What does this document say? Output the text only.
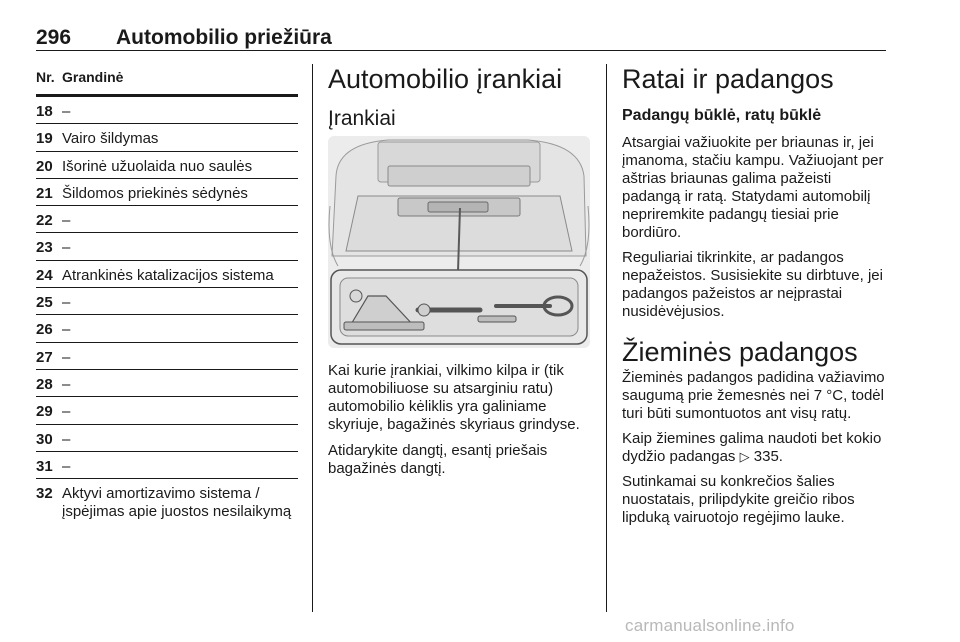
296 Automobilio priežiūra
Nr. Grandinė
18 –
19 Vairo šildymas
20 Išorinė užuolaida nuo saulės
21 Šildomos priekinės sėdynės
22 –
23 –
24 Atrankinės katalizacijos sistema
25 –
26 –
27 –
28 –
29 –
30 –
31 –
32 Aktyvi amortizavimo sistema / įspėjimas apie juostos nesilaikymą
Automobilio įrankiai
Įrankiai

Kai kurie įrankiai, vilkimo kilpa ir (tik automobiliuose su atsarginiu ratu) automobilio kėliklis yra galiniame skyriuje, bagažinės skyriaus grindyse.

Atidarykite dangtį, esantį priešais bagažinės dangtį.

Ratai ir padangos
Padangų būklė, ratų būklė

Atsargiai važiuokite per briaunas ir, jei įmanoma, stačiu kampu. Važiuojant per aštrias briaunas galima pažeisti padangą ir ratą. Statydami automobilį nepriremkite padangų tiesiai prie bordiūro.

Reguliariai tikrinkite, ar padangos nepažeistos. Susisiekite su dirbtuve, jei padangos pažeistos ar neįprastai nusidėvėjusios.

Žieminės padangos

Žieminės padangos padidina važiavimo saugumą prie žemesnės nei 7 °C, todėl turi būti sumontuotos ant visų ratų.

Kaip žiemines galima naudoti bet kokio dydžio padangas ▷ 335.

Sutinkamai su konkrečios šalies nuostatais, prilipdykite greičio ribos lipduką vairuotojo regėjimo lauke.

carmanualsonline.info
